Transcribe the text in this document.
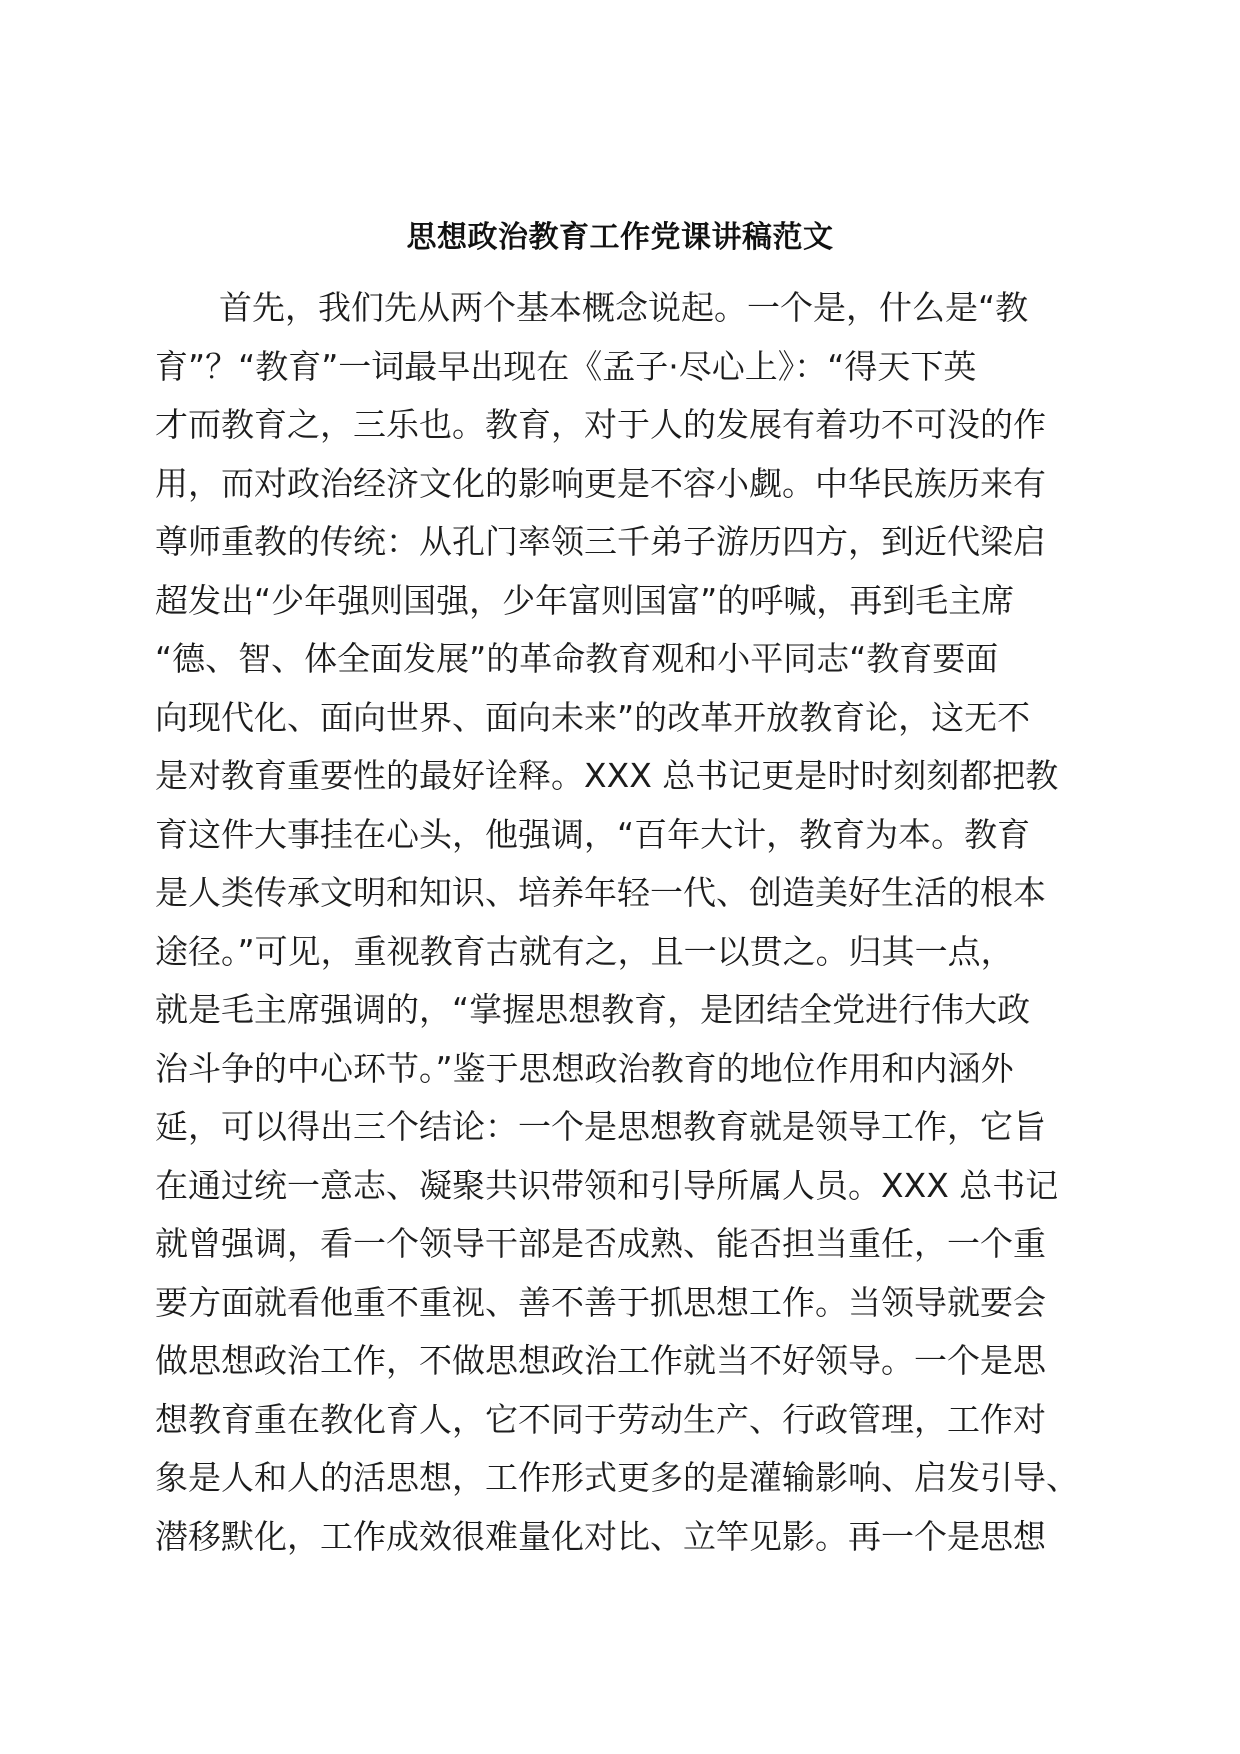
思想政治教育工作党课讲稿范文
首先，我们先从两个基本概念说起。一个是，什么是“教
育”？“教育”一词最早出现在《孟子·尽心上》：“得天下英
才而教育之，三乐也。教育，对于人的发展有着功不可没的作
用，而对政治经济文化的影响更是不容小觑。中华民族历来有
尊师重教的传统：从孔门率领三千弟子游历四方，到近代梁启
超发出“少年强则国强，少年富则国富”的呼喊，再到毛主席
“德、智、体全面发展”的革命教育观和小平同志“教育要面
向现代化、面向世界、面向未来”的改革开放教育论，这无不
是对教育重要性的最好诠释。XXX 总书记更是时时刻刻都把教
育这件大事挂在心头，他强调，“百年大计，教育为本。教育
是人类传承文明和知识、培养年轻一代、创造美好生活的根本
途径。”可见，重视教育古就有之，且一以贯之。归其一点，
就是毛主席强调的，“掌握思想教育，是团结全党进行伟大政
治斗争的中心环节。”鉴于思想政治教育的地位作用和内涵外
延，可以得出三个结论：一个是思想教育就是领导工作，它旨
在通过统一意志、凝聚共识带领和引导所属人员。XXX 总书记
就曾强调，看一个领导干部是否成熟、能否担当重任，一个重
要方面就看他重不重视、善不善于抓思想工作。当领导就要会
做思想政治工作，不做思想政治工作就当不好领导。一个是思
想教育重在教化育人，它不同于劳动生产、行政管理，工作对
象是人和人的活思想，工作形式更多的是灌输影响、启发引导、
潜移默化，工作成效很难量化对比、立竿见影。再一个是思想
